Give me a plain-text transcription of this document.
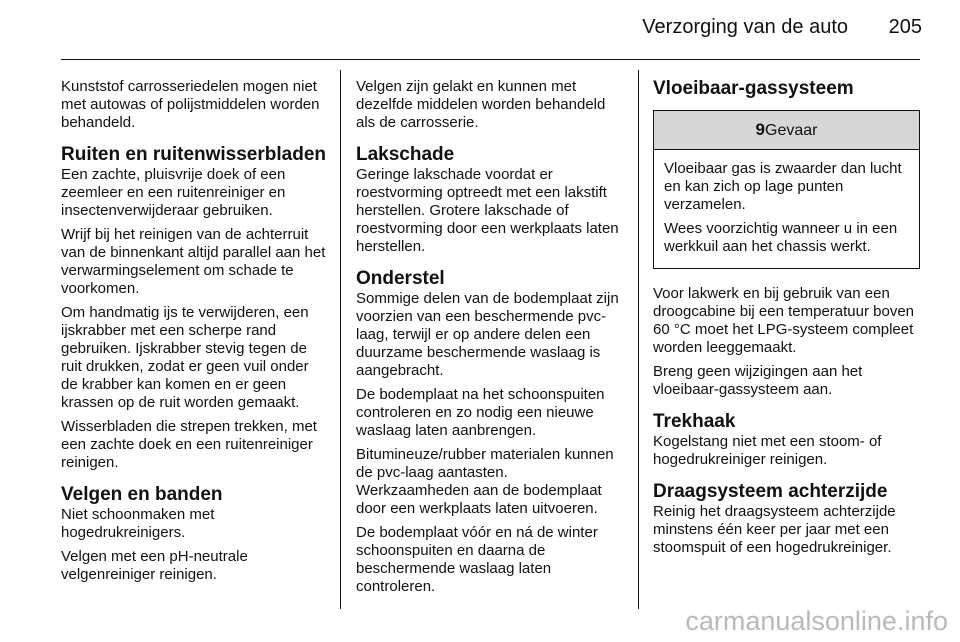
Verzorging van de auto	205

Kunststof carrosseriedelen mogen niet met autowas of polijstmiddelen worden behandeld.

Ruiten en ruitenwisserbladen

Een zachte, pluisvrije doek of een zeemleer en een ruitenreiniger en insectenverwijderaar gebruiken.

Wrijf bij het reinigen van de achterruit van de binnenkant altijd parallel aan het verwarmingselement om schade te voorkomen.

Om handmatig ijs te verwijderen, een ijskrabber met een scherpe rand gebruiken. Ijskrabber stevig tegen de ruit drukken, zodat er geen vuil onder de krabber kan komen en er geen krassen op de ruit worden gemaakt.

Wisserbladen die strepen trekken, met een zachte doek en een ruitenreiniger reinigen.

Velgen en banden

Niet schoonmaken met hogedrukreinigers.

Velgen met een pH-neutrale velgenreiniger reinigen.

Velgen zijn gelakt en kunnen met dezelfde middelen worden behandeld als de carrosserie.

Lakschade

Geringe lakschade voordat er roestvorming optreedt met een lakstift herstellen. Grotere lakschade of roestvorming door een werkplaats laten herstellen.

Onderstel

Sommige delen van de bodemplaat zijn voorzien van een beschermende pvc-laag, terwijl er op andere delen een duurzame beschermende waslaag is aangebracht.

De bodemplaat na het schoonspuiten controleren en zo nodig een nieuwe waslaag laten aanbrengen.

Bitumineuze/rubber materialen kunnen de pvc-laag aantasten. Werkzaamheden aan de bodemplaat door een werkplaats laten uitvoeren.

De bodemplaat vóór en ná de winter schoonspuiten en daarna de beschermende waslaag laten controleren.

Vloeibaar-gassysteem
9Gevaar

Vloeibaar gas is zwaarder dan lucht en kan zich op lage punten verzamelen.

Wees voorzichtig wanneer u in een werkkuil aan het chassis werkt.

Voor lakwerk en bij gebruik van een droogcabine bij een temperatuur boven 60 °C moet het LPG-systeem compleet worden leeggemaakt.

Breng geen wijzigingen aan het vloeibaar-gassysteem aan.

Trekhaak

Kogelstang niet met een stoom- of hogedrukreiniger reinigen.

Draagsysteem achterzijde

Reinig het draagsysteem achterzijde minstens één keer per jaar met een stoomspuit of een hogedrukreiniger.

carmanualsonline.info
